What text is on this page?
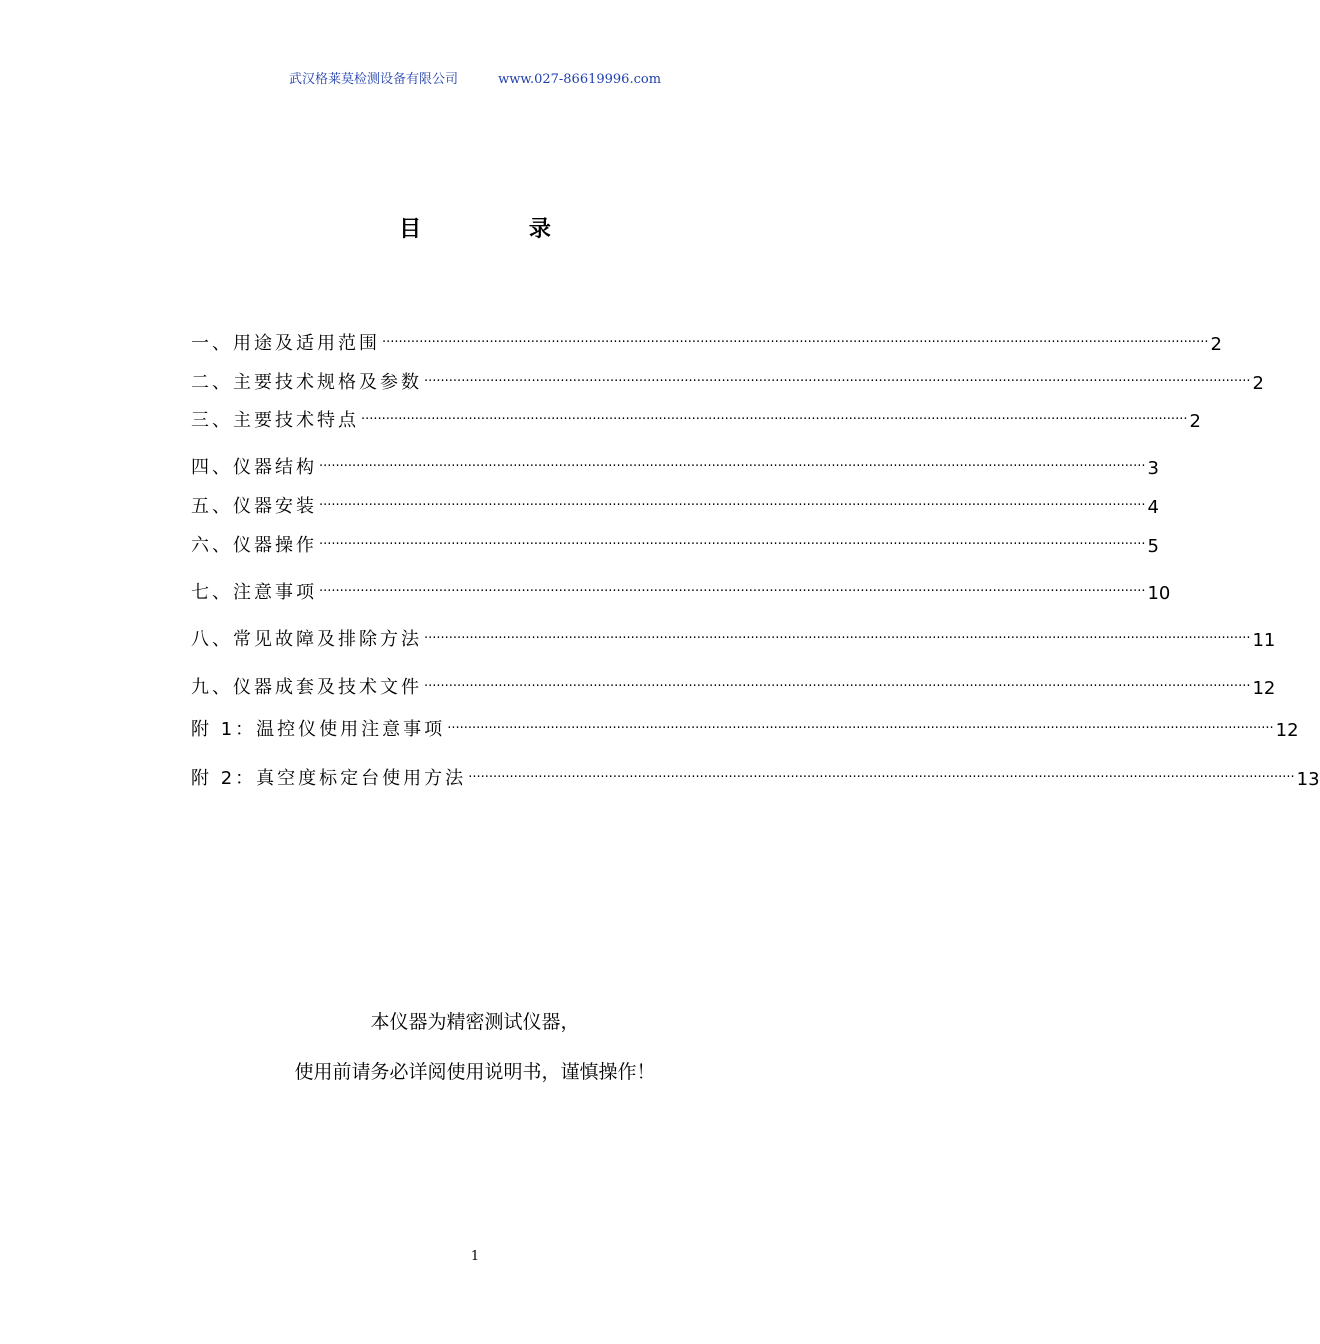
武汉格莱莫检测设备有限公司	www.027-86619996.com
目 录
一、用途及适用范围 ········································································································································································································ 2
二、主要技术规格及参数 ········································································································································································································ 2
三、主要技术特点 ········································································································································································································ 2
四、仪器结构 ········································································································································································································ 3
五、仪器安装 ········································································································································································································ 4
六、仪器操作 ········································································································································································································ 5
七、注意事项 ········································································································································································································ 10
八、常见故障及排除方法 ········································································································································································································ 11
九、仪器成套及技术文件 ········································································································································································································ 12
附 1：温控仪使用注意事项 ········································································································································································································ 12
附 2：真空度标定台使用方法 ········································································································································································································ 13
本仪器为精密测试仪器，
使用前请务必详阅使用说明书，谨慎操作！
1
